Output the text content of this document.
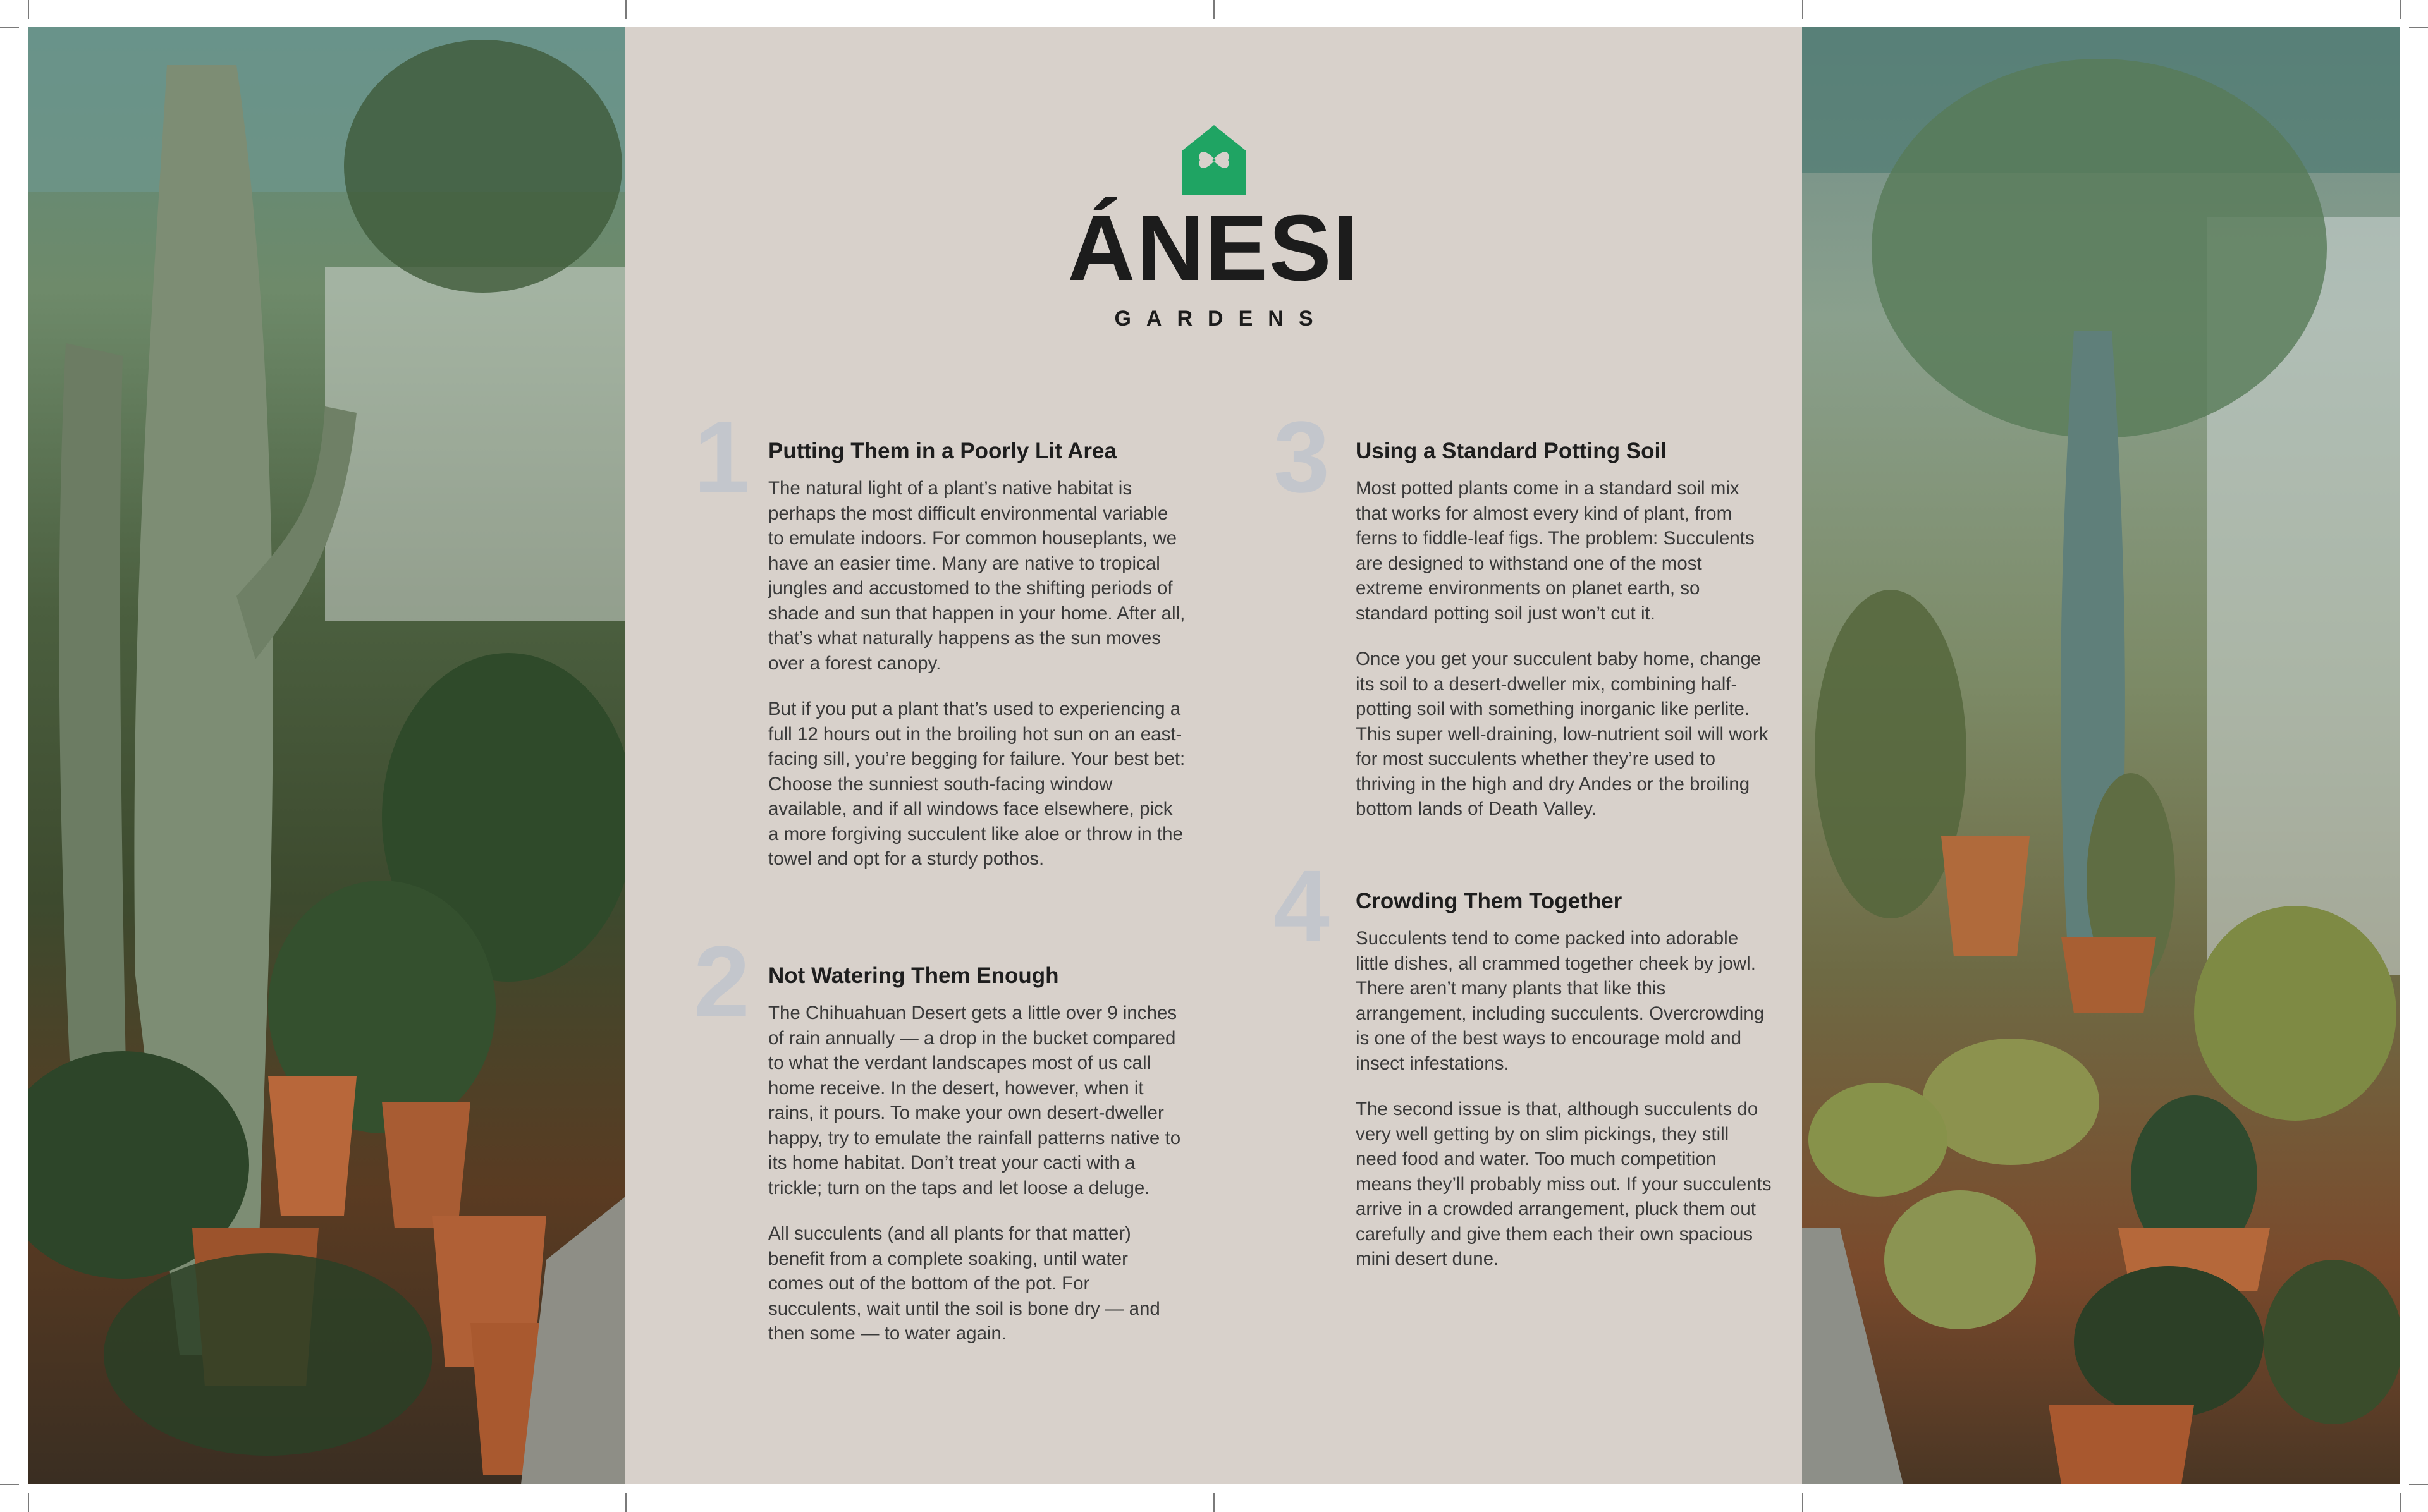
ÁNESI
GARDENS
1 Putting Them in a Poorly Lit Area

The natural light of a plant’s native habitat is perhaps the most difficult environmental variable to emulate indoors. For common houseplants, we have an easier time. Many are native to tropical jungles and accustomed to the shifting periods of shade and sun that happen in your home. After all, that’s what naturally happens as the sun moves over a forest canopy.

But if you put a plant that’s used to experiencing a full 12 hours out in the broiling hot sun on an east-facing sill, you’re begging for failure. Your best bet: Choose the sunniest south-facing window available, and if all windows face elsewhere, pick a more forgiving succulent like aloe or throw in the towel and opt for a sturdy pothos.

2 Not Watering Them Enough

The Chihuahuan Desert gets a little over 9 inches of rain annually — a drop in the bucket compared to what the verdant landscapes most of us call home receive. In the desert, however, when it rains, it pours. To make your own desert-dweller happy, try to emulate the rainfall patterns native to its home habitat. Don’t treat your cacti with a trickle; turn on the taps and let loose a deluge.

All succulents (and all plants for that matter) benefit from a complete soaking, until water comes out of the bottom of the pot. For succulents, wait until the soil is bone dry — and then some — to water again.

3 Using a Standard Potting Soil

Most potted plants come in a standard soil mix that works for almost every kind of plant, from ferns to fiddle-leaf figs. The problem: Succulents are designed to withstand one of the most extreme environments on planet earth, so standard potting soil just won’t cut it.

Once you get your succulent baby home, change its soil to a desert-dweller mix, combining half-potting soil with something inorganic like perlite. This super well-draining, low-nutrient soil will work for most succulents whether they’re used to thriving in the high and dry Andes or the broiling bottom lands of Death Valley.

4 Crowding Them Together

Succulents tend to come packed into adorable little dishes, all crammed together cheek by jowl. There aren’t many plants that like this arrangement, including succulents. Overcrowding is one of the best ways to encourage mold and insect infestations.

The second issue is that, although succulents do very well getting by on slim pickings, they still need food and water. Too much competition means they’ll probably miss out. If your succulents arrive in a crowded arrangement, pluck them out carefully and give them each their own spacious mini desert dune.
